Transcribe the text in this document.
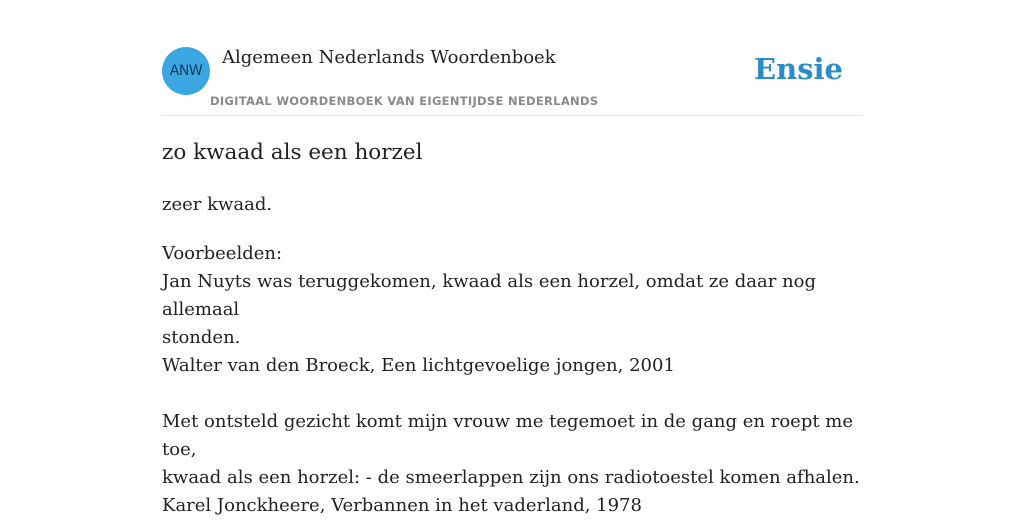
ANW
Algemeen Nederlands Woordenboek
DIGITAAL WOORDENBOEK VAN EIGENTIJDSE NEDERLANDS
Ensie
zo kwaad als een horzel
zeer kwaad.

Voorbeelden:

Jan Nuyts was teruggekomen, kwaad als een horzel, omdat ze daar nog allemaal

stonden.

Walter van den Broeck, Een lichtgevoelige jongen, 2001

Met ontsteld gezicht komt mijn vrouw me tegemoet in de gang en roept me toe,

kwaad als een horzel: - de smeerlappen zijn ons radiotoestel komen afhalen.

Karel Jonckheere, Verbannen in het vaderland, 1978
